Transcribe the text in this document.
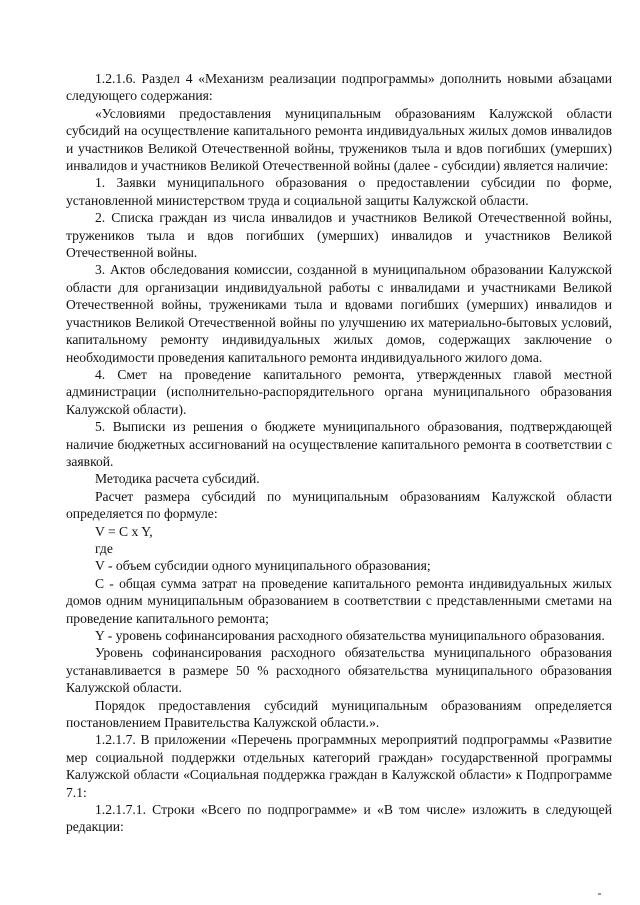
1.2.1.6. Раздел 4 «Механизм реализации подпрограммы» дополнить новыми абзацами следующего содержания:

«Условиями предоставления муниципальным образованиям Калужской области субсидий на осуществление капитального ремонта индивидуальных жилых домов инвалидов и участников Великой Отечественной войны, тружеников тыла и вдов погибших (умерших) инвалидов и участников Великой Отечественной войны (далее - субсидии) является наличие:

1. Заявки муниципального образования о предоставлении субсидии по форме, установленной министерством труда и социальной защиты Калужской области.

2. Списка граждан из числа инвалидов и участников Великой Отечественной войны, тружеников тыла и вдов погибших (умерших) инвалидов и участников Великой Отечественной войны.

3. Актов обследования комиссии, созданной в муниципальном образовании Калужской области для организации индивидуальной работы с инвалидами и участниками Великой Отечественной войны, тружениками тыла и вдовами погибших (умерших) инвалидов и участников Великой Отечественной войны по улучшению их материально-бытовых условий, капитальному ремонту индивидуальных жилых домов, содержащих заключение о необходимости проведения капитального ремонта индивидуального жилого дома.

4. Смет на проведение капитального ремонта, утвержденных главой местной администрации (исполнительно-распорядительного органа муниципального образования Калужской области).

5. Выписки из решения о бюджете муниципального образования, подтверждающей наличие бюджетных ассигнований на осуществление капитального ремонта в соответствии с заявкой.

Методика расчета субсидий.

Расчет размера субсидий по муниципальным образованиям Калужской области определяется по формуле:

V = C x Y,

где

V - объем субсидии одного муниципального образования;

C - общая сумма затрат на проведение капитального ремонта индивидуальных жилых домов одним муниципальным образованием в соответствии с представленными сметами на проведение капитального ремонта;

Y - уровень софинансирования расходного обязательства муниципального образования.

Уровень софинансирования расходного обязательства муниципального образования устанавливается в размере 50 % расходного обязательства муниципального образования Калужской области.

Порядок предоставления субсидий муниципальным образованиям определяется постановлением Правительства Калужской области.».

1.2.1.7. В приложении «Перечень программных мероприятий подпрограммы «Развитие мер социальной поддержки отдельных категорий граждан» государственной программы Калужской области «Социальная поддержка граждан в Калужской области» к Подпрограмме 7.1:

1.2.1.7.1. Строки «Всего по подпрограмме» и «В том числе» изложить в следующей редакции:
